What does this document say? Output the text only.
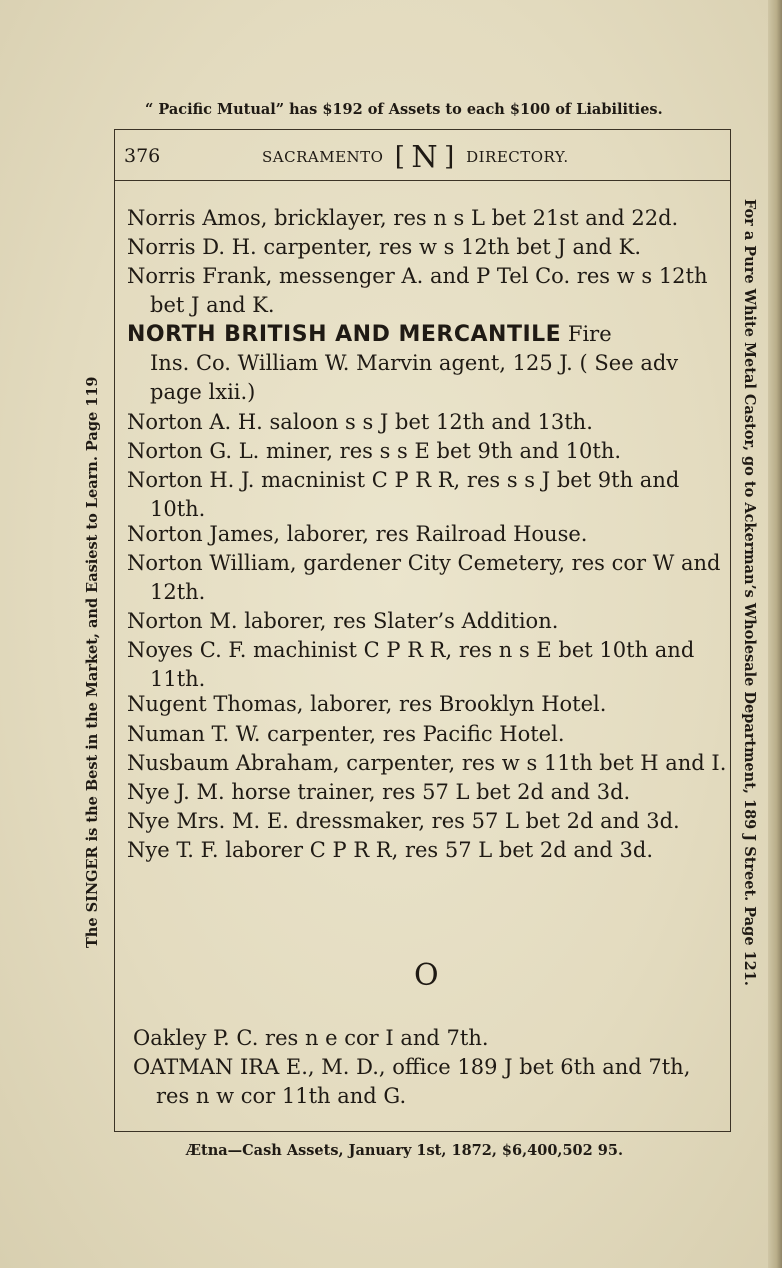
“ Pacific Mutual” has $192 of Assets to each $100 of Liabilities.
376	SACRAMENTO [ N ] DIRECTORY.
The SINGER is the Best in the Market, and Easiest to Learn. Page 119	For a Pure White Metal Castor, go to Ackerman’s Wholesale Department, 189 J Street. Page 121.
Norris Amos, bricklayer, res n s L bet 21st and 22d.
Norris D. H. carpenter, res w s 12th bet J and K.
Norris Frank, messenger A. and P Tel Co. res w s 12th
bet J and K.
NORTH BRITISH AND MERCANTILE Fire
Ins. Co. William W. Marvin agent, 125 J. ( See adv
page lxii.)
Norton A. H. saloon s s J bet 12th and 13th.
Norton G. L. miner, res s s E bet 9th and 10th.
Norton H. J. macninist C P R R, res s s J bet 9th and
10th.
Norton James, laborer, res Railroad House.
Norton William, gardener City Cemetery, res cor W and
12th.
Norton M. laborer, res Slater’s Addition.
Noyes C. F. machinist C P R R, res n s E bet 10th and
11th.
Nugent Thomas, laborer, res Brooklyn Hotel.
Numan T. W. carpenter, res Pacific Hotel.
Nusbaum Abraham, carpenter, res w s 11th bet H and I.
Nye J. M. horse trainer, res 57 L bet 2d and 3d.
Nye Mrs. M. E. dressmaker, res 57 L bet 2d and 3d.
Nye T. F. laborer C P R R, res 57 L bet 2d and 3d.
O
Oakley P. C. res n e cor I and 7th.
OATMAN IRA E., M. D., office 189 J bet 6th and 7th,
res n w cor 11th and G.
Ætna—Cash Assets, January 1st, 1872, $6,400,502 95.
